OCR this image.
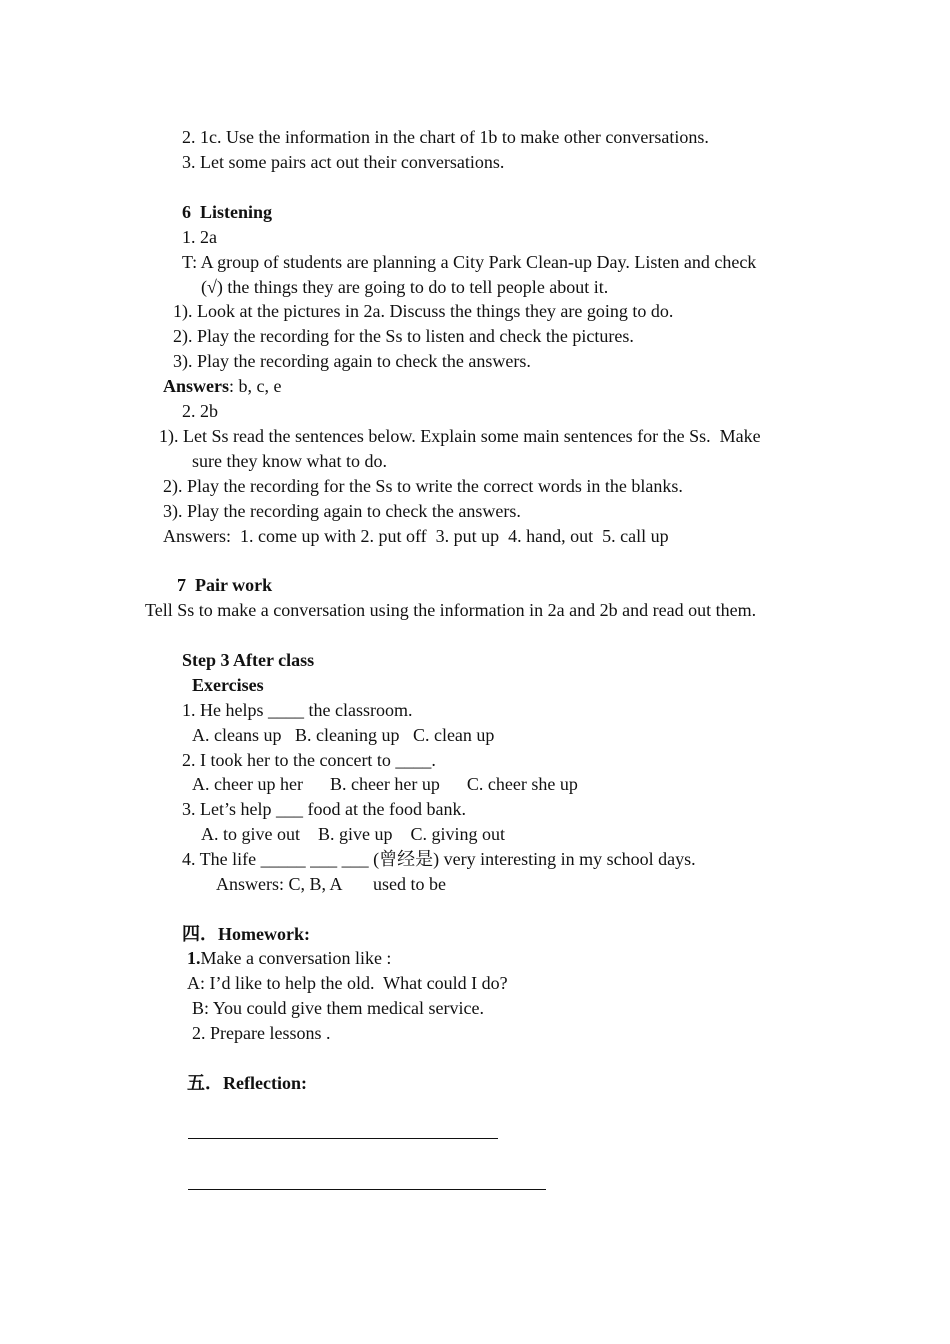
2. 1c. Use the information in the chart of 1b to make other conversations.
3. Let some pairs act out their conversations.
6  Listening
1. 2a
T: A group of students are planning a City Park Clean-up Day. Listen and check
(√) the things they are going to do to tell people about it.
1). Look at the pictures in 2a. Discuss the things they are going to do.
2). Play the recording for the Ss to listen and check the pictures.
3). Play the recording again to check the answers.
Answers: b, c, e
2. 2b
1). Let Ss read the sentences below. Explain some main sentences for the Ss.  Make
sure they know what to do.
2). Play the recording for the Ss to write the correct words in the blanks.
3). Play the recording again to check the answers.
Answers:  1. come up with 2. put off  3. put up  4. hand, out  5. call up
7  Pair work
Tell Ss to make a conversation using the information in 2a and 2b and read out them.
Step 3 After class
Exercises
1. He helps ____ the classroom.
A. cleans up   B. cleaning up   C. clean up
2. I took her to the concert to ____.
A. cheer up her      B. cheer her up      C. cheer she up
3. Let’s help ___ food at the food bank.
A. to give out    B. give up    C. giving out
4. The life _____ ___ ___ (曾经是) very interesting in my school days.
Answers: C, B, A       used to be
四．Homework:
1.Make a conversation like :
A: I’d like to help the old.  What could I do?
B: You could give them medical service.
2. Prepare lessons .
五．Reflection:
